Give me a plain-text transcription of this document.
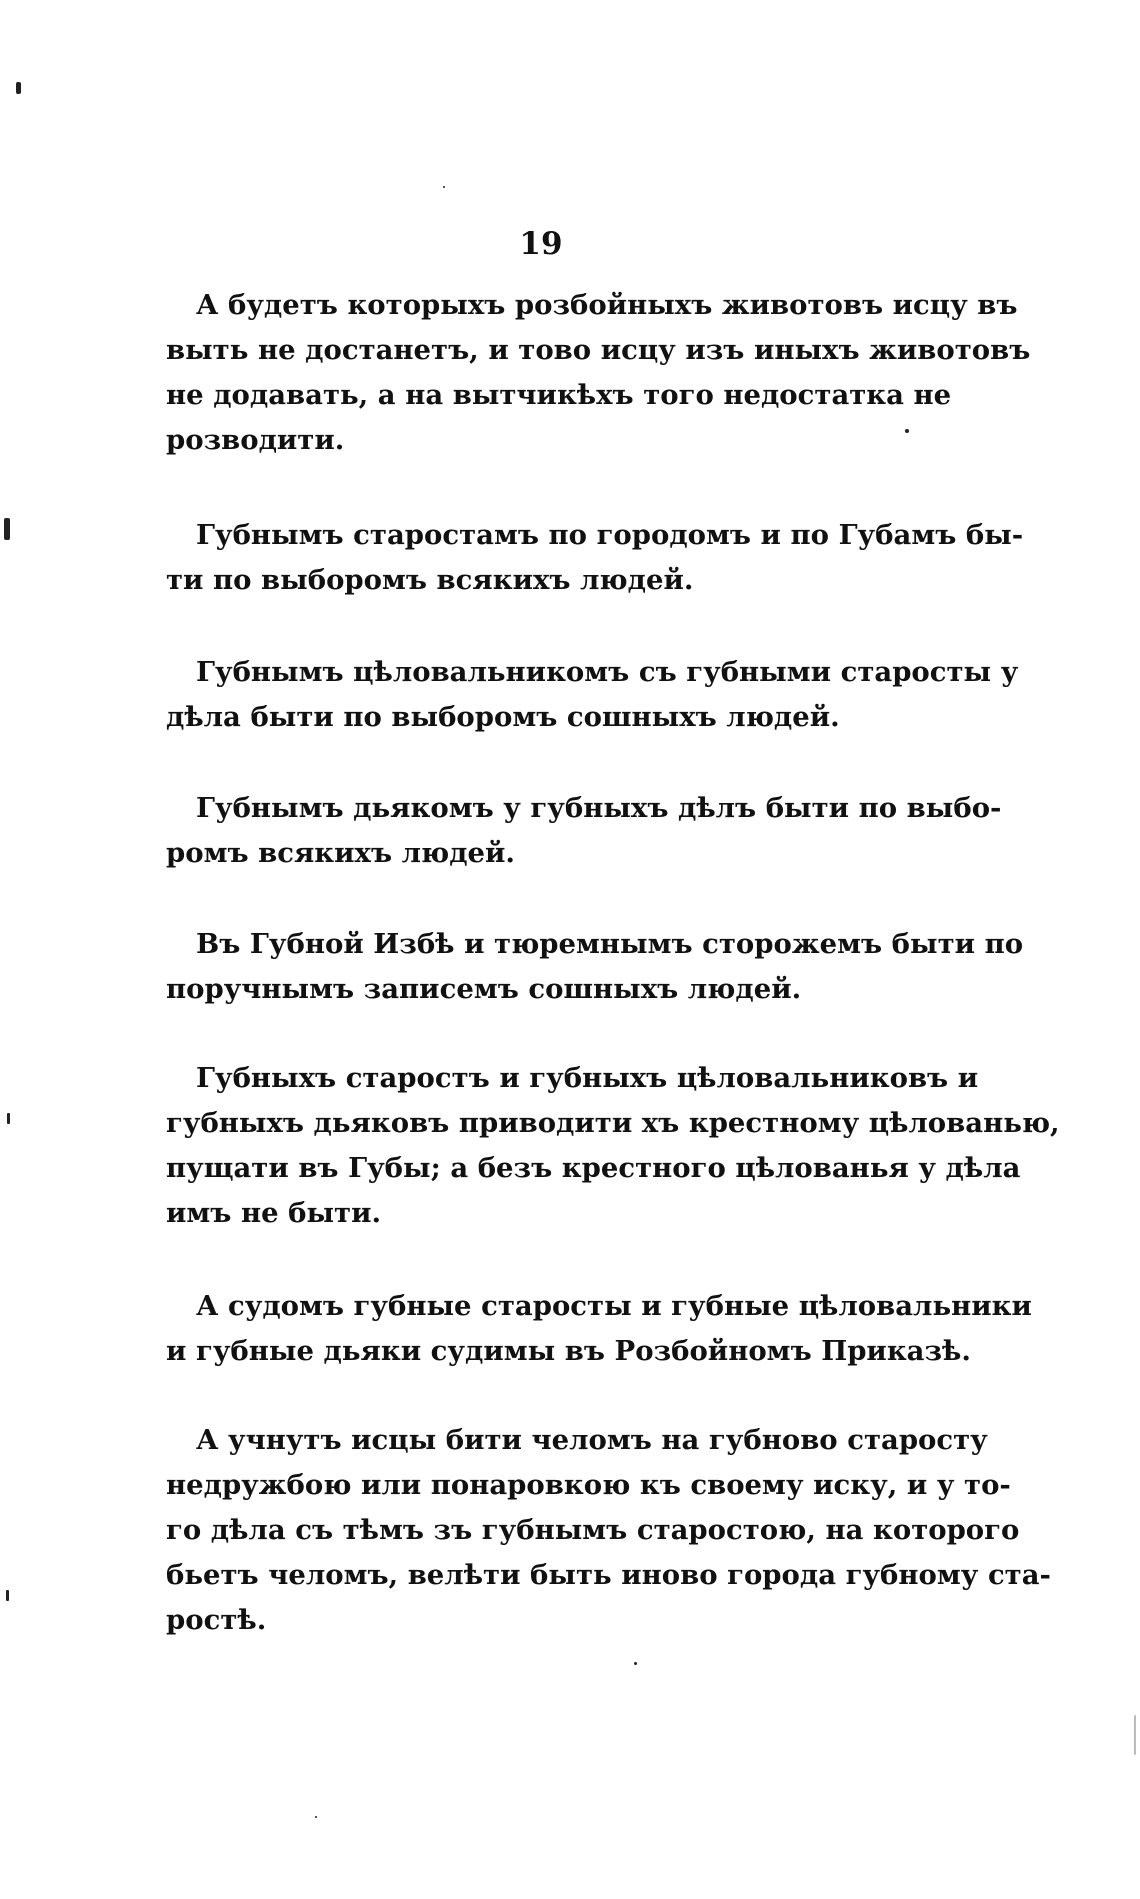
19
А будетъ которыхъ розбойныхъ животовъ исцу въ
выть не достанетъ, и тово исцу изъ иныхъ животовъ
не додавать, а на вытчикѣхъ того недостатка не
розводити.
Губнымъ старостамъ по городомъ и по Губамъ бы-
ти по выборомъ всякихъ людей.
Губнымъ цѣловальникомъ съ губными старосты у
дѣла быти по выборомъ сошныхъ людей.
Губнымъ дьякомъ у губныхъ дѣлъ быти по выбо-
ромъ всякихъ людей.
Въ Губной Избѣ и тюремнымъ сторожемъ быти по
поручнымъ записемъ сошныхъ людей.
Губныхъ старостъ и губныхъ цѣловальниковъ и
губныхъ дьяковъ приводити хъ крестному цѣлованью,
пущати въ Губы; а безъ крестного цѣлованья у дѣла
имъ не быти.
А судомъ губные старосты и губные цѣловальники
и губные дьяки судимы въ Розбойномъ Приказѣ.
А учнутъ исцы бити челомъ на губново старосту
недружбою или понаровкою къ своему иску, и у то-
го дѣла съ тѣмъ зъ губнымъ старостою, на которого
бьетъ челомъ, велѣти быть иново города губному ста-
ростѣ.
